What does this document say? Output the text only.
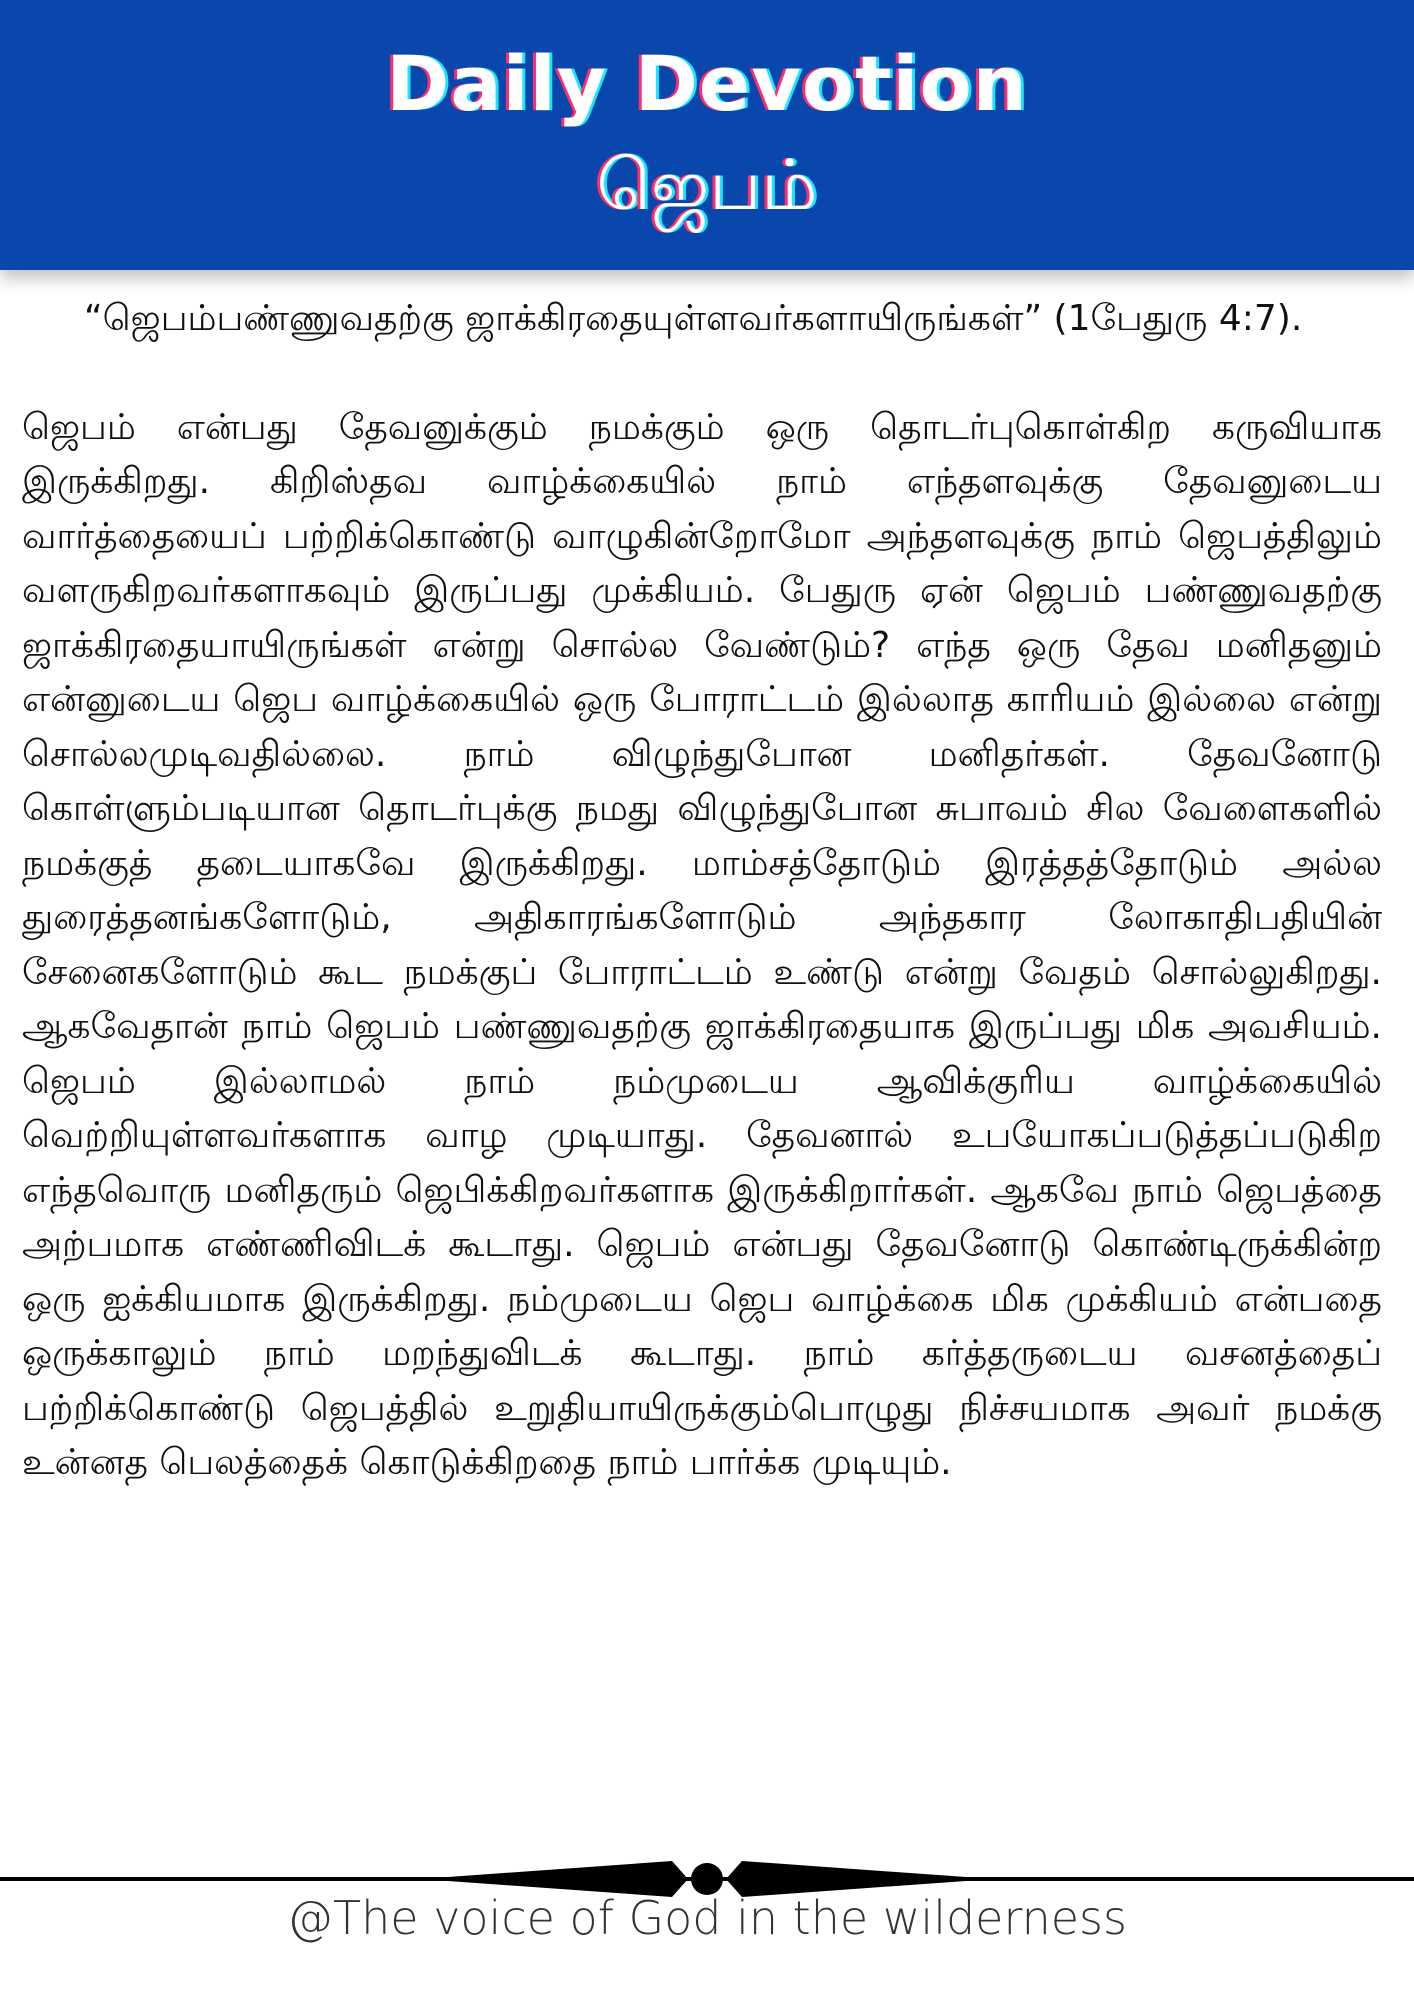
Daily Devotion
ஜெபம்

“ஜெபம்பண்ணுவதற்கு ஜாக்கிரதையுள்ளவர்களாயிருங்கள்” (1பேதுரு 4:7).

ஜெபம் என்பது தேவனுக்கும் நமக்கும் ஒரு தொடர்புகொள்கிற கருவியாக இருக்கிறது. கிறிஸ்தவ வாழ்க்கையில் நாம் எந்தளவுக்கு தேவனுடைய வார்த்தையைப் பற்றிக்கொண்டு வாழுகின்றோமோ அந்தளவுக்கு நாம் ஜெபத்திலும் வளருகிறவர்களாகவும் இருப்பது முக்கியம். பேதுரு ஏன் ஜெபம் பண்ணுவதற்கு ஜாக்கிரதையாயிருங்கள் என்று சொல்ல வேண்டும்? எந்த ஒரு தேவ மனிதனும் என்னுடைய ஜெப வாழ்க்கையில் ஒரு போராட்டம் இல்லாத காரியம் இல்லை என்று சொல்லமுடிவதில்லை. நாம் விழுந்துபோன மனிதர்கள். தேவனோடு கொள்ளும்படியான தொடர்புக்கு நமது விழுந்துபோன சுபாவம் சில வேளைகளில் நமக்குத் தடையாகவே இருக்கிறது. மாம்சத்தோடும் இரத்தத்தோடும் அல்ல துரைத்தனங்களோடும், அதிகாரங்களோடும் அந்தகார லோகாதிபதியின் சேனைகளோடும் கூட நமக்குப் போராட்டம் உண்டு என்று வேதம் சொல்லுகிறது. ஆகவேதான் நாம் ஜெபம் பண்ணுவதற்கு ஜாக்கிரதையாக இருப்பது மிக அவசியம். ஜெபம் இல்லாமல் நாம் நம்முடைய ஆவிக்குரிய வாழ்க்கையில் வெற்றியுள்ளவர்களாக வாழ முடியாது. தேவனால் உபயோகப்படுத்தப்படுகிற எந்தவொரு மனிதரும் ஜெபிக்கிறவர்களாக இருக்கிறார்கள். ஆகவே நாம் ஜெபத்தை அற்பமாக எண்ணிவிடக் கூடாது. ஜெபம் என்பது தேவனோடு கொண்டிருக்கின்ற ஒரு ஐக்கியமாக இருக்கிறது. நம்முடைய ஜெப வாழ்க்கை மிக முக்கியம் என்பதை ஒருக்காலும் நாம் மறந்துவிடக் கூடாது. நாம் கர்த்தருடைய வசனத்தைப் பற்றிக்கொண்டு ஜெபத்தில் உறுதியாயிருக்கும்பொழுது நிச்சயமாக அவர் நமக்கு உன்னத பெலத்தைக் கொடுக்கிறதை நாம் பார்க்க முடியும்.

@The voice of God in the wilderness
